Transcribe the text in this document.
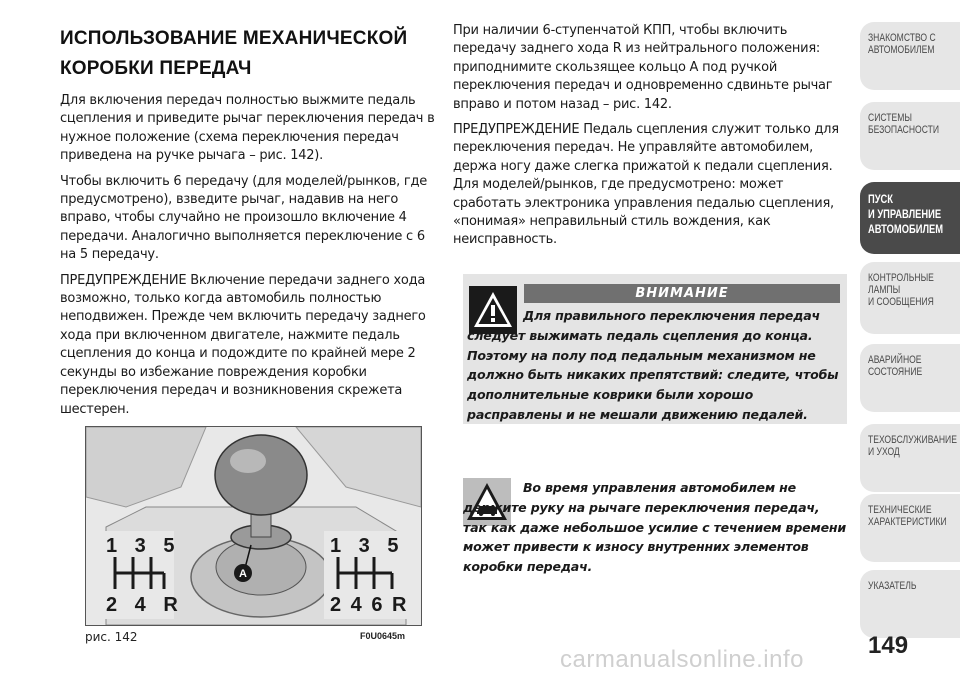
ИСПОЛЬЗОВАНИЕ МЕХАНИЧЕСКОЙ
КОРОБКИ ПЕРЕДАЧ

Для включения передач полностью выжмите педаль сцепления и приведите рычаг переключения передач в нужное положение (схема переключения передач приведена на ручке рычага – рис. 142).

Чтобы включить 6 передачу (для моделей/рынков, где предусмотрено), взведите рычаг, надавив на него вправо, чтобы случайно не произошло включение 4 передачи. Аналогично выполняется переключение с 6 на 5 передачу.

ПРЕДУПРЕЖДЕНИЕ Включение передачи заднего хода возможно, только когда автомобиль полностью неподвижен. Прежде чем включить передачу заднего хода при включенном двигателе, нажмите педаль сцепления до конца и подождите по крайней мере 2 секунды во избежание повреждения коробки переключения передач и возникновения скрежета шестерен.

При наличии 6-ступенчатой КПП, чтобы включить передачу заднего хода R из нейтрального положения: приподнимите скользящее кольцо A под ручкой переключения передач и одновременно сдвиньте рычаг вправо и потом назад – рис. 142.

ПРЕДУПРЕЖДЕНИЕ Педаль сцепления служит только для переключения передач. Не управляйте автомобилем, держа ногу даже слегка прижатой к педали сцепления. Для моделей/рынков, где предусмотрено: может сработать электроника управления педалью сцепления, «понимая» неправильный стиль вождения, как неисправность.

ВНИМАНИЕ
Для правильного переключения передач следует выжимать педаль сцепления до конца. Поэтому на полу под педальным механизмом не должно быть никаких препятствий: следите, чтобы дополнительные коврики были хорошо расправлены и не мешали движению педалей.
Во время управления автомобилем не держите руку на рычаге переключения передач, так как даже небольшое усилие с течением времени может привести к износу внутренних элементов коробки передач.
A
1 3 5
2 4 R
1 3 5
2 4 6 R
рис. 142	F0U0645m
ЗНАКОМСТВО С
АВТОМОБИЛЕМ
СИСТЕМЫ
БЕЗОПАСНОСТИ
ПУСК
И УПРАВЛЕНИЕ
АВТОМОБИЛЕМ
КОНТРОЛЬНЫЕ
ЛАМПЫ
И СООБЩЕНИЯ
АВАРИЙНОЕ
СОСТОЯНИЕ
ТЕХОБСЛУЖИВАНИЕ
И УХОД
ТЕХНИЧЕСКИЕ
ХАРАКТЕРИСТИКИ
УКАЗАТЕЛЬ
149
carmanualsonline.info
